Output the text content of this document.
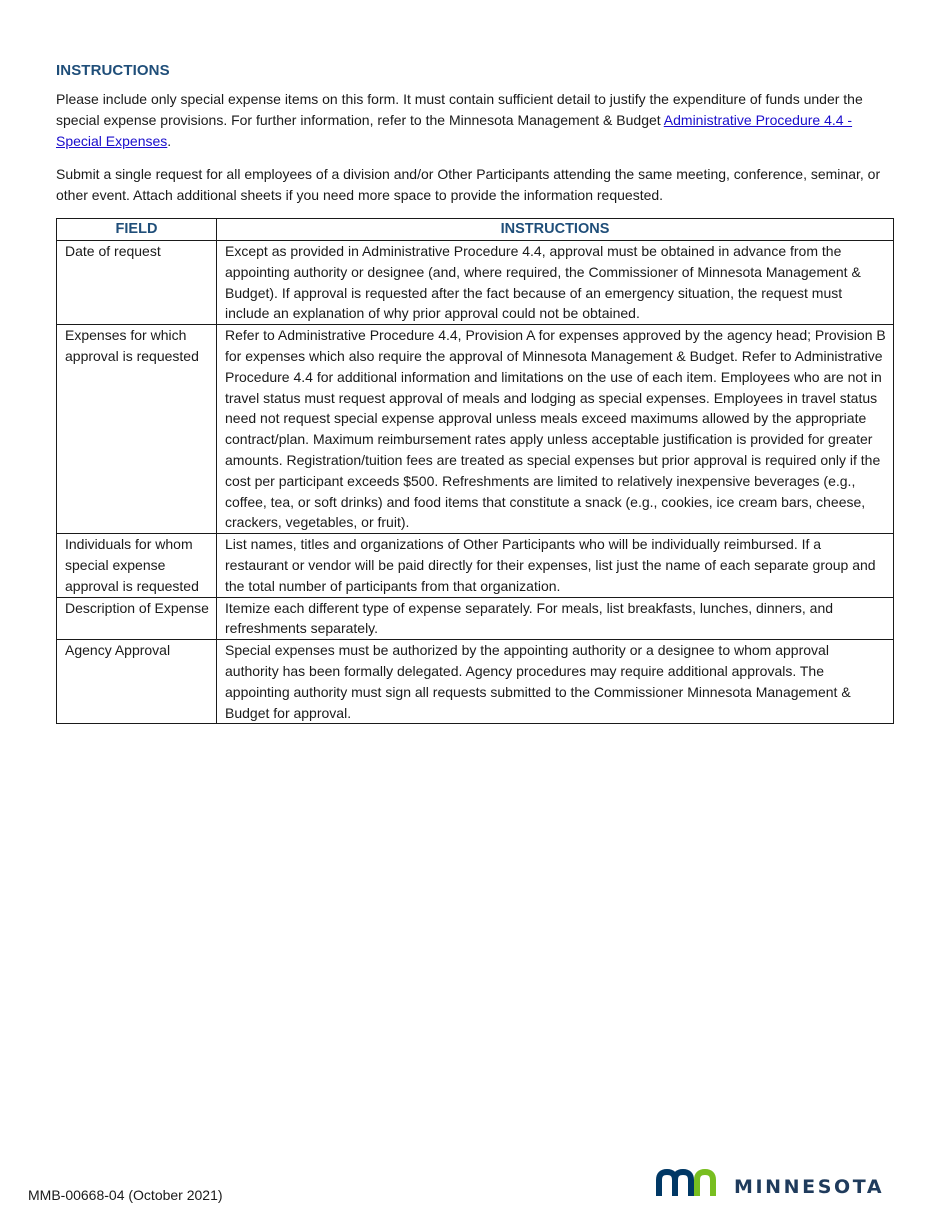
INSTRUCTIONS

Please include only special expense items on this form. It must contain sufficient detail to justify the expenditure of funds under the special expense provisions. For further information, refer to the Minnesota Management & Budget Administrative Procedure 4.4 - Special Expenses.

Submit a single request for all employees of a division and/or Other Participants attending the same meeting, conference, seminar, or other event. Attach additional sheets if you need more space to provide the information requested.

FIELD	INSTRUCTIONS
Date of request	Except as provided in Administrative Procedure 4.4, approval must be obtained in advance from the appointing authority or designee (and, where required, the Commissioner of Minnesota Management & Budget). If approval is requested after the fact because of an emergency situation, the request must include an explanation of why prior approval could not be obtained.
Expenses for which approval is requested	Refer to Administrative Procedure 4.4, Provision A for expenses approved by the agency head; Provision B for expenses which also require the approval of Minnesota Management & Budget. Refer to Administrative Procedure 4.4 for additional information and limitations on the use of each item. Employees who are not in travel status must request approval of meals and lodging as special expenses. Employees in travel status need not request special expense approval unless meals exceed maximums allowed by the appropriate contract/plan. Maximum reimbursement rates apply unless acceptable justification is provided for greater amounts. Registration/tuition fees are treated as special expenses but prior approval is required only if the cost per participant exceeds $500. Refreshments are limited to relatively inexpensive beverages (e.g., coffee, tea, or soft drinks) and food items that constitute a snack (e.g., cookies, ice cream bars, cheese, crackers, vegetables, or fruit).
Individuals for whom special expense approval is requested	List names, titles and organizations of Other Participants who will be individually reimbursed. If a restaurant or vendor will be paid directly for their expenses, list just the name of each separate group and the total number of participants from that organization.
Description of Expense	Itemize each different type of expense separately. For meals, list breakfasts, lunches, dinners, and refreshments separately.
Agency Approval	Special expenses must be authorized by the appointing authority or a designee to whom approval authority has been formally delegated. Agency procedures may require additional approvals. The appointing authority must sign all requests submitted to the Commissioner Minnesota Management & Budget for approval.
MMB-00668-04 (October 2021)	MINNESOTA
